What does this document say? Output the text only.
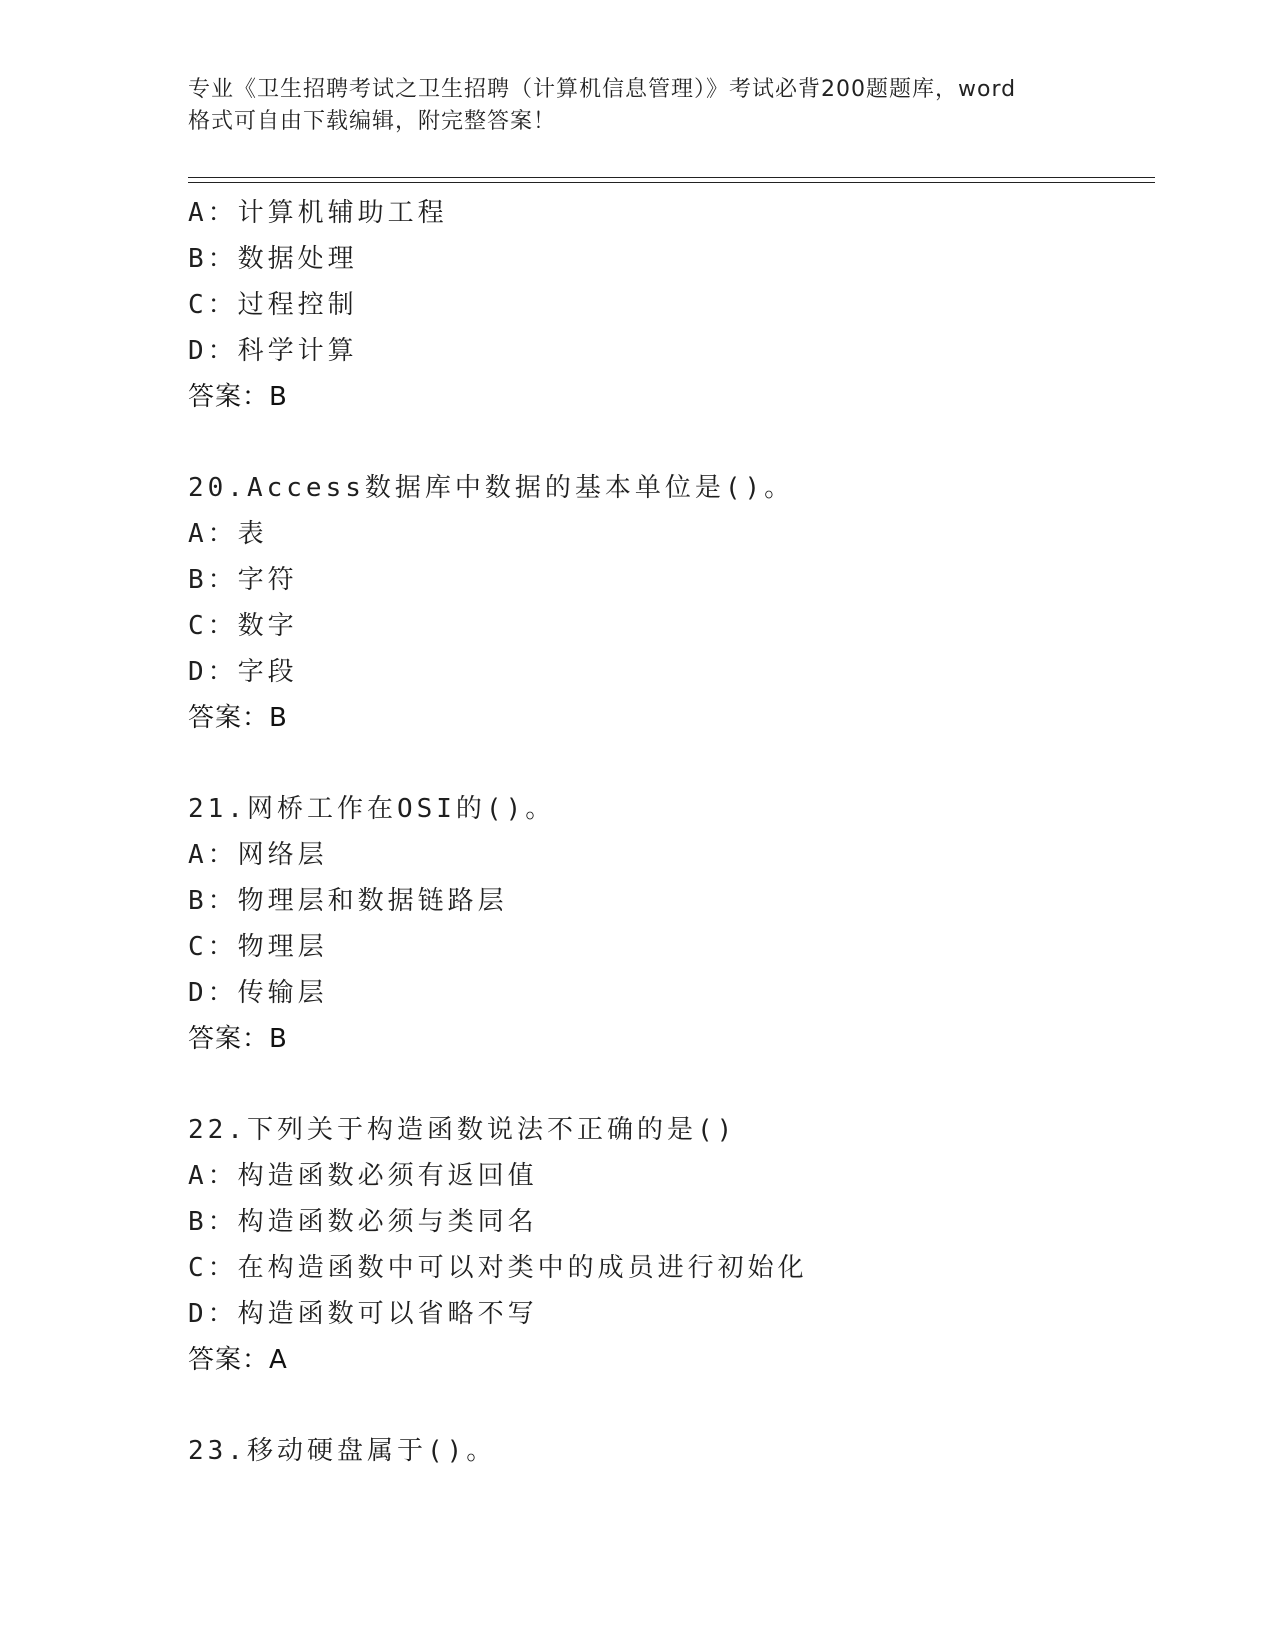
专业《卫生招聘考试之卫生招聘（计算机信息管理）》考试必背200题题库，word
格式可自由下载编辑，附完整答案！
A：计算机辅助工程
B：数据处理
C：过程控制
D：科学计算
答案：B
20.Access数据库中数据的基本单位是()。
A：表
B：字符
C：数字
D：字段
答案：B
21.网桥工作在OSI的()。
A：网络层
B：物理层和数据链路层
C：物理层
D：传输层
答案：B
22.下列关于构造函数说法不正确的是()
A：构造函数必须有返回值
B：构造函数必须与类同名
C：在构造函数中可以对类中的成员进行初始化
D：构造函数可以省略不写
答案：A
23.移动硬盘属于()。
